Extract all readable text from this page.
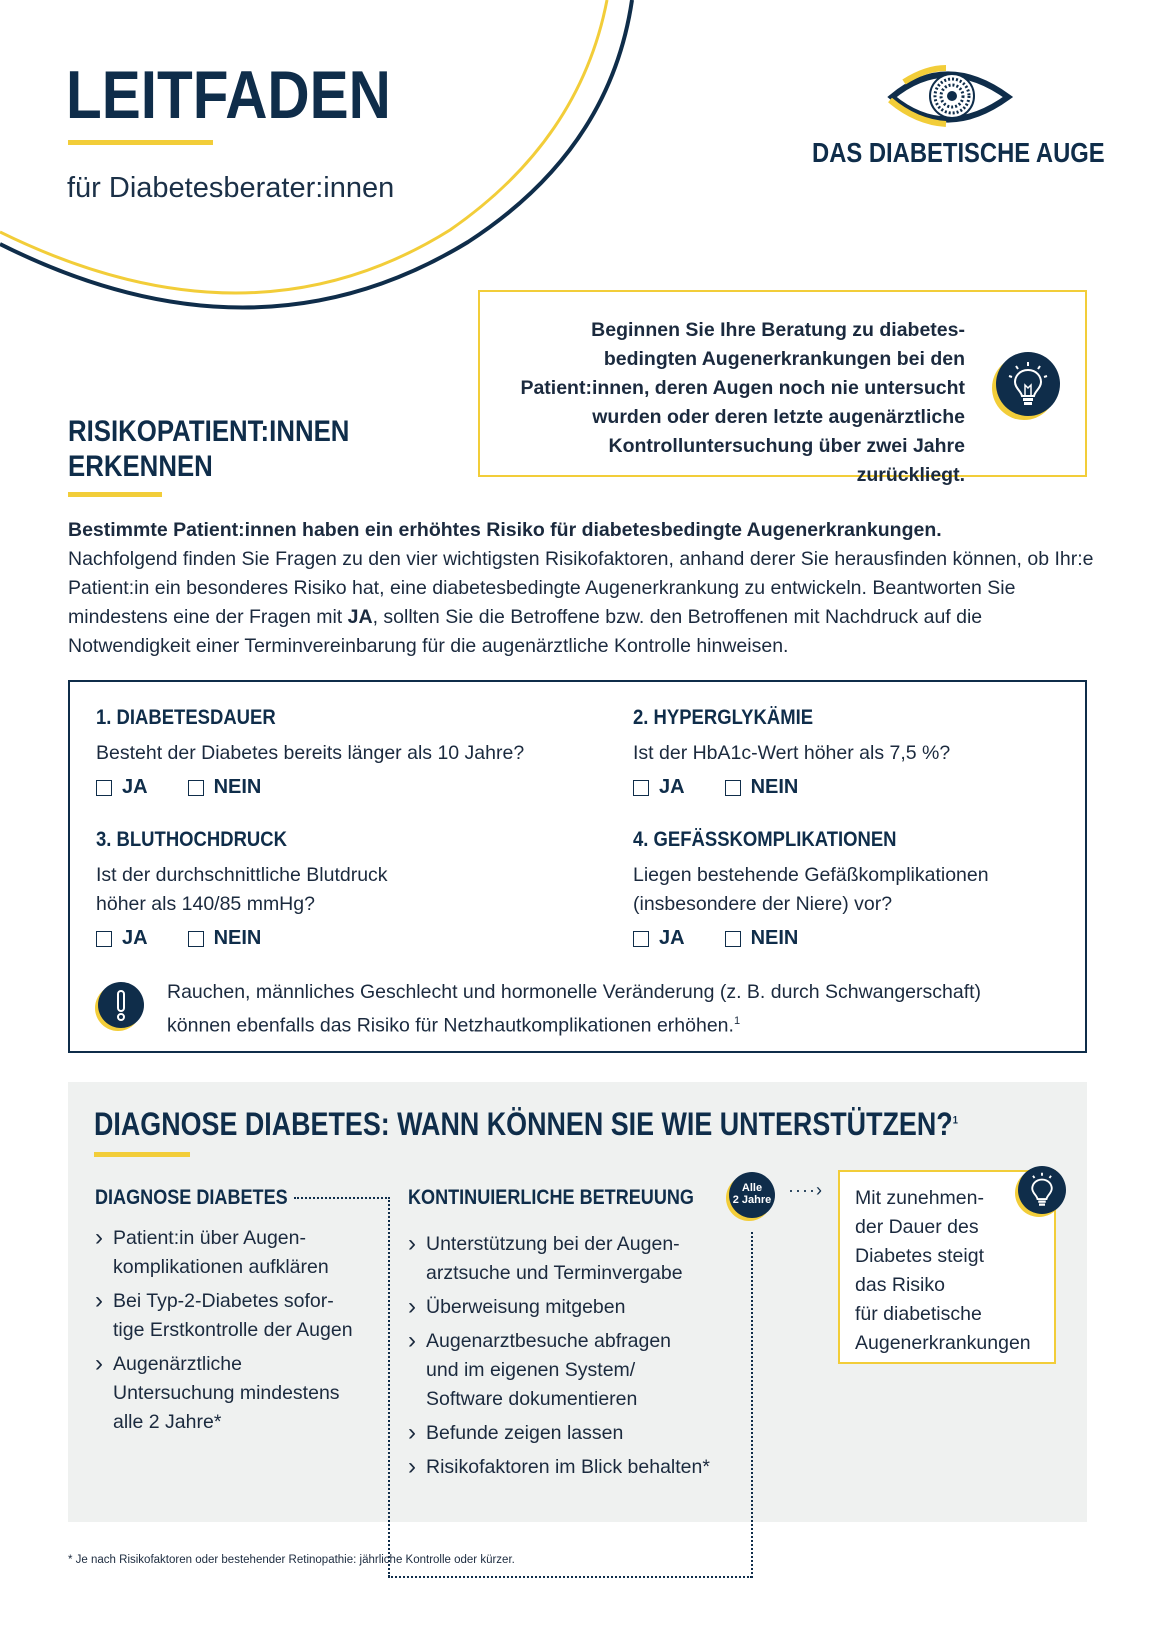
LEITFADEN
für Diabetesberater:innen
DAS DIABETISCHE AUGE
Beginnen Sie Ihre Beratung zu diabetes-
bedingten Augenerkrankungen bei den
Patient:innen, deren Augen noch nie untersucht
wurden oder deren letzte augenärztliche
Kontrolluntersuchung über zwei Jahre zurückliegt.
RISIKOPATIENT:INNEN
ERKENNEN
Bestimmte Patient:innen haben ein erhöhtes Risiko für diabetesbedingte Augenerkrankungen.
Nachfolgend finden Sie Fragen zu den vier wichtigsten Risikofaktoren, anhand derer Sie herausfinden können, ob Ihr:e Patient:in ein besonderes Risiko hat, eine diabetesbedingte Augenerkrankung zu entwickeln. Beantworten Sie mindestens eine der Fragen mit JA, sollten Sie die Betroffene bzw. den Betroffenen mit Nachdruck auf die Notwendigkeit einer Terminvereinbarung für die augenärztliche Kontrolle hinweisen.
1. DIABETESDAUER
Besteht der Diabetes bereits länger als 10 Jahre?
JA	NEIN
2. HYPERGLYKÄMIE
Ist der HbA1c-Wert höher als 7,5 %?
JA	NEIN
3. BLUTHOCHDRUCK
Ist der durchschnittliche Blutdruck
höher als 140/85 mmHg?
JA	NEIN
4. GEFÄSSKOMPLIKATIONEN
Liegen bestehende Gefäßkomplikationen
(insbesondere der Niere) vor?
JA	NEIN
Rauchen, männliches Geschlecht und hormonelle Veränderung (z. B. durch Schwangerschaft)
können ebenfalls das Risiko für Netzhautkomplikationen erhöhen.$^1$
DIAGNOSE DIABETES: WANN KÖNNEN SIE WIE UNTERSTÜTZEN?$^1$
DIAGNOSE DIABETES
› Patient:in über Augen-
komplikationen aufklären
› Bei Typ-2-Diabetes sofor-
tige Erstkontrolle der Augen
› Augenärztliche
Untersuchung mindestens
alle 2 Jahre*
KONTINUIERLICHE BETREUUNG
› Unterstützung bei der Augen-
arztsuche und Terminvergabe
› Überweisung mitgeben
› Augenarztbesuche abfragen
und im eigenen System/
Software dokumentieren
› Befunde zeigen lassen
› Risikofaktoren im Blick behalten*
Alle
2 Jahre ····› Mit zunehmen-
der Dauer des
Diabetes steigt
das Risiko
für diabetische
Augenerkrankungen
* Je nach Risikofaktoren oder bestehender Retinopathie: jährliche Kontrolle oder kürzer.
